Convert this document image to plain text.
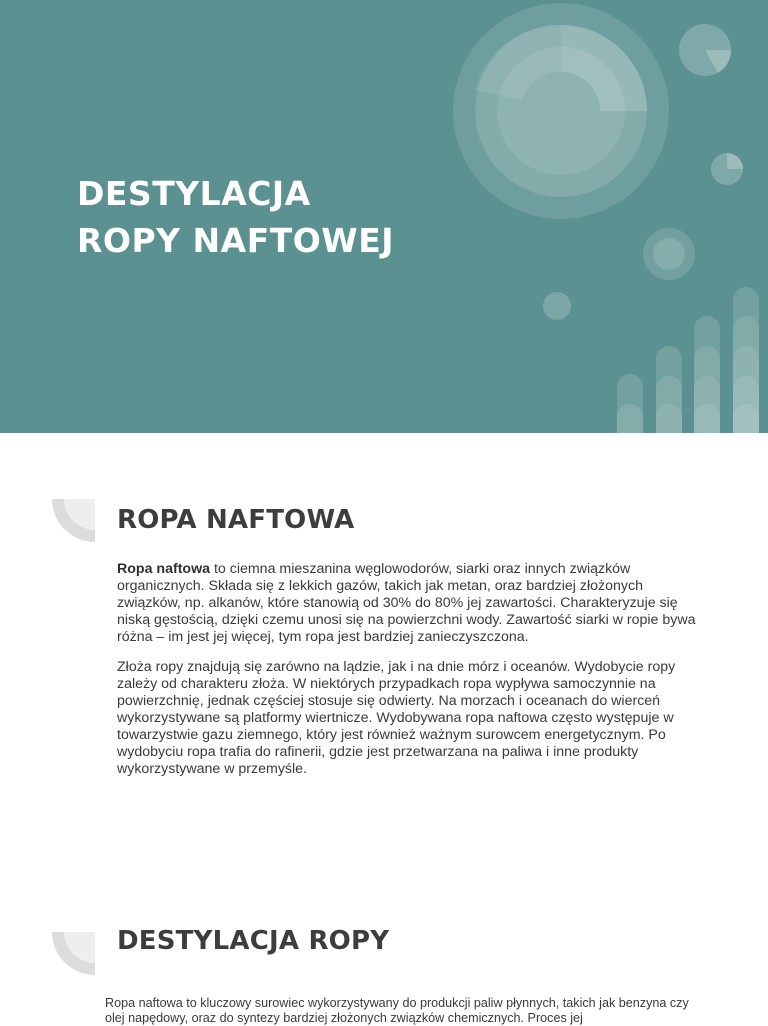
DESTYLACJA
ROPY NAFTOWEJ
ROPA NAFTOWA

Ropa naftowa to ciemna mieszanina węglowodorów, siarki oraz innych związków organicznych. Składa się z lekkich gazów, takich jak metan, oraz bardziej złożonych związków, np. alkanów, które stanowią od 30% do 80% jej zawartości. Charakteryzuje się niską gęstością, dzięki czemu unosi się na powierzchni wody. Zawartość siarki w ropie bywa różna – im jest jej więcej, tym ropa jest bardziej zanieczyszczona.

Złoża ropy znajdują się zarówno na lądzie, jak i na dnie mórz i oceanów. Wydobycie ropy zależy od charakteru złoża. W niektórych przypadkach ropa wypływa samoczynnie na powierzchnię, jednak częściej stosuje się odwierty. Na morzach i oceanach do wierceń wykorzystywane są platformy wiertnicze. Wydobywana ropa naftowa często występuje w towarzystwie gazu ziemnego, który jest również ważnym surowcem energetycznym. Po wydobyciu ropa trafia do rafinerii, gdzie jest przetwarzana na paliwa i inne produkty wykorzystywane w przemyśle.

DESTYLACJA ROPY

Ropa naftowa to kluczowy surowiec wykorzystywany do produkcji paliw płynnych, takich jak benzyna czy olej napędowy, oraz do syntezy bardziej złożonych związków chemicznych. Proces jej
